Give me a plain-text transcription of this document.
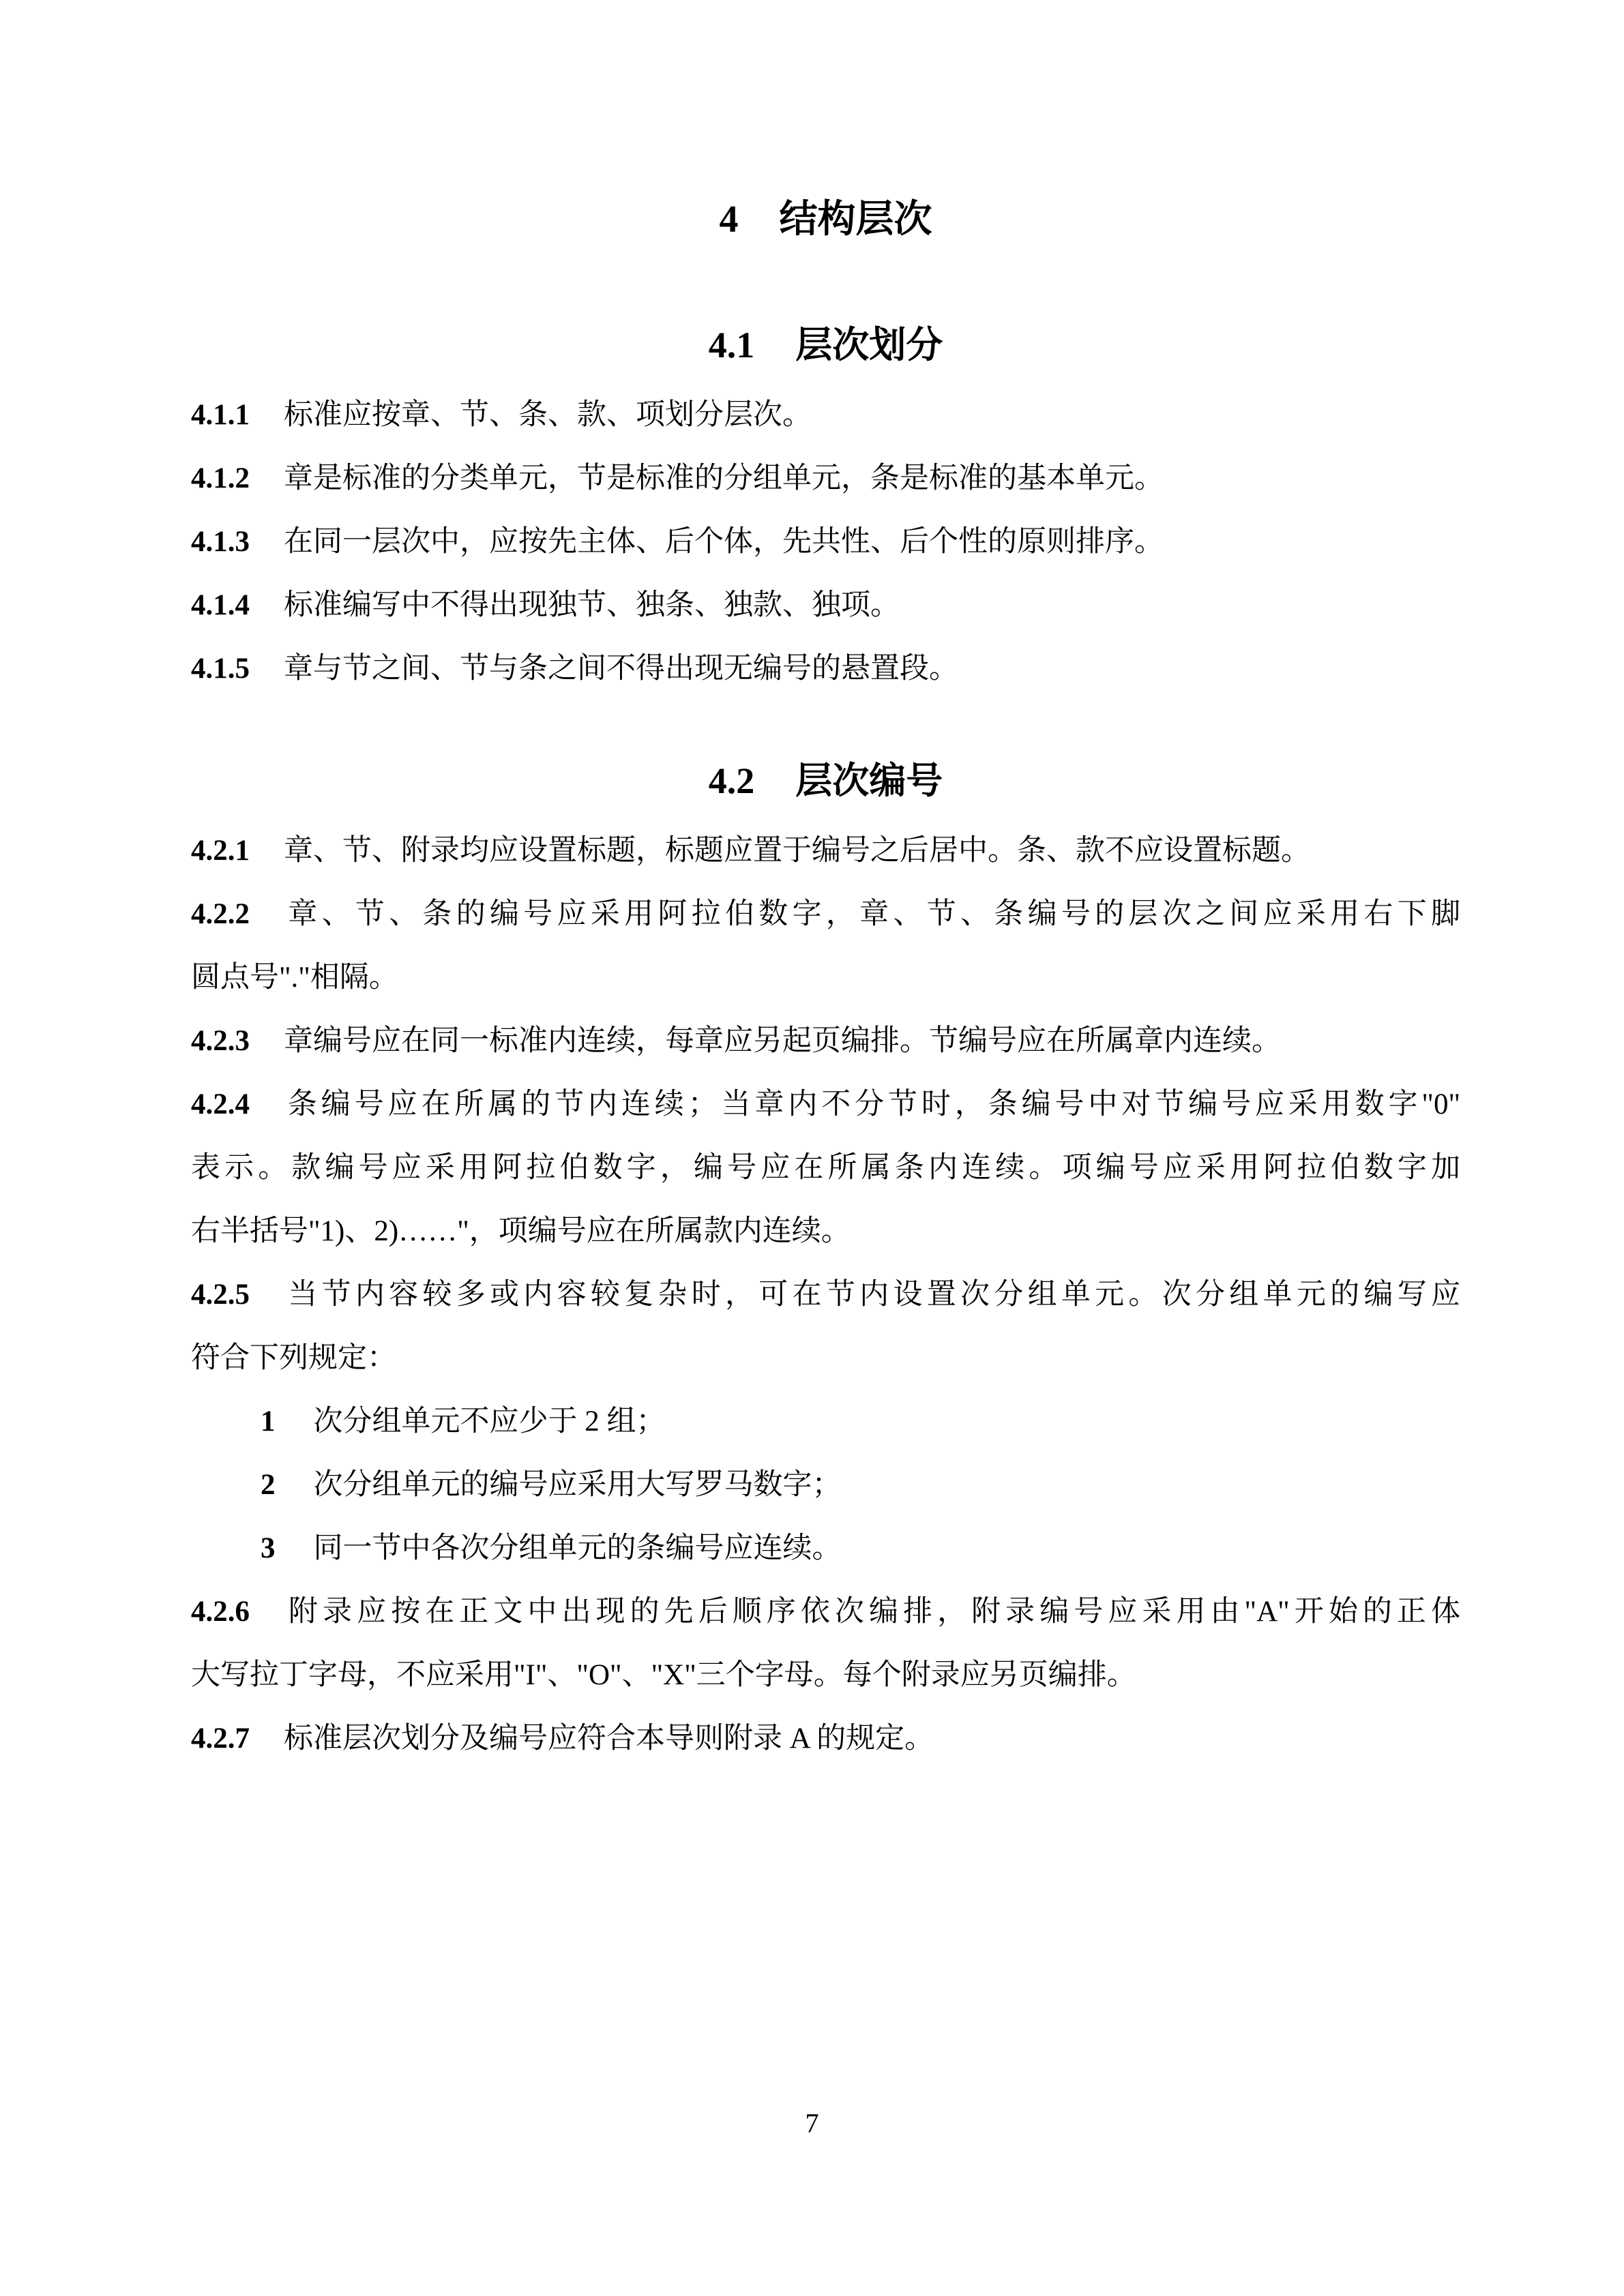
4 结构层次
4.1 层次划分
4.1.1 标准应按章、节、条、款、项划分层次。
4.1.2 章是标准的分类单元，节是标准的分组单元，条是标准的基本单元。
4.1.3 在同一层次中，应按先主体、后个体，先共性、后个性的原则排序。
4.1.4 标准编写中不得出现独节、独条、独款、独项。
4.1.5 章与节之间、节与条之间不得出现无编号的悬置段。
4.2 层次编号
4.2.1 章、节、附录均应设置标题，标题应置于编号之后居中。条、款不应设置标题。
4.2.2 章、节、条的编号应采用阿拉伯数字，章、节、条编号的层次之间应采用右下脚
圆点号"."相隔。
4.2.3 章编号应在同一标准内连续，每章应另起页编排。节编号应在所属章内连续。
4.2.4 条编号应在所属的节内连续；当章内不分节时，条编号中对节编号应采用数字"0"
表示。款编号应采用阿拉伯数字，编号应在所属条内连续。项编号应采用阿拉伯数字加
右半括号"1)、2)……"，项编号应在所属款内连续。
4.2.5 当节内容较多或内容较复杂时，可在节内设置次分组单元。次分组单元的编写应
符合下列规定：
1 次分组单元不应少于 2 组；
2 次分组单元的编号应采用大写罗马数字；
3 同一节中各次分组单元的条编号应连续。
4.2.6 附录应按在正文中出现的先后顺序依次编排，附录编号应采用由"A"开始的正体
大写拉丁字母，不应采用"I"、"O"、"X"三个字母。每个附录应另页编排。
4.2.7 标准层次划分及编号应符合本导则附录 A 的规定。
7
